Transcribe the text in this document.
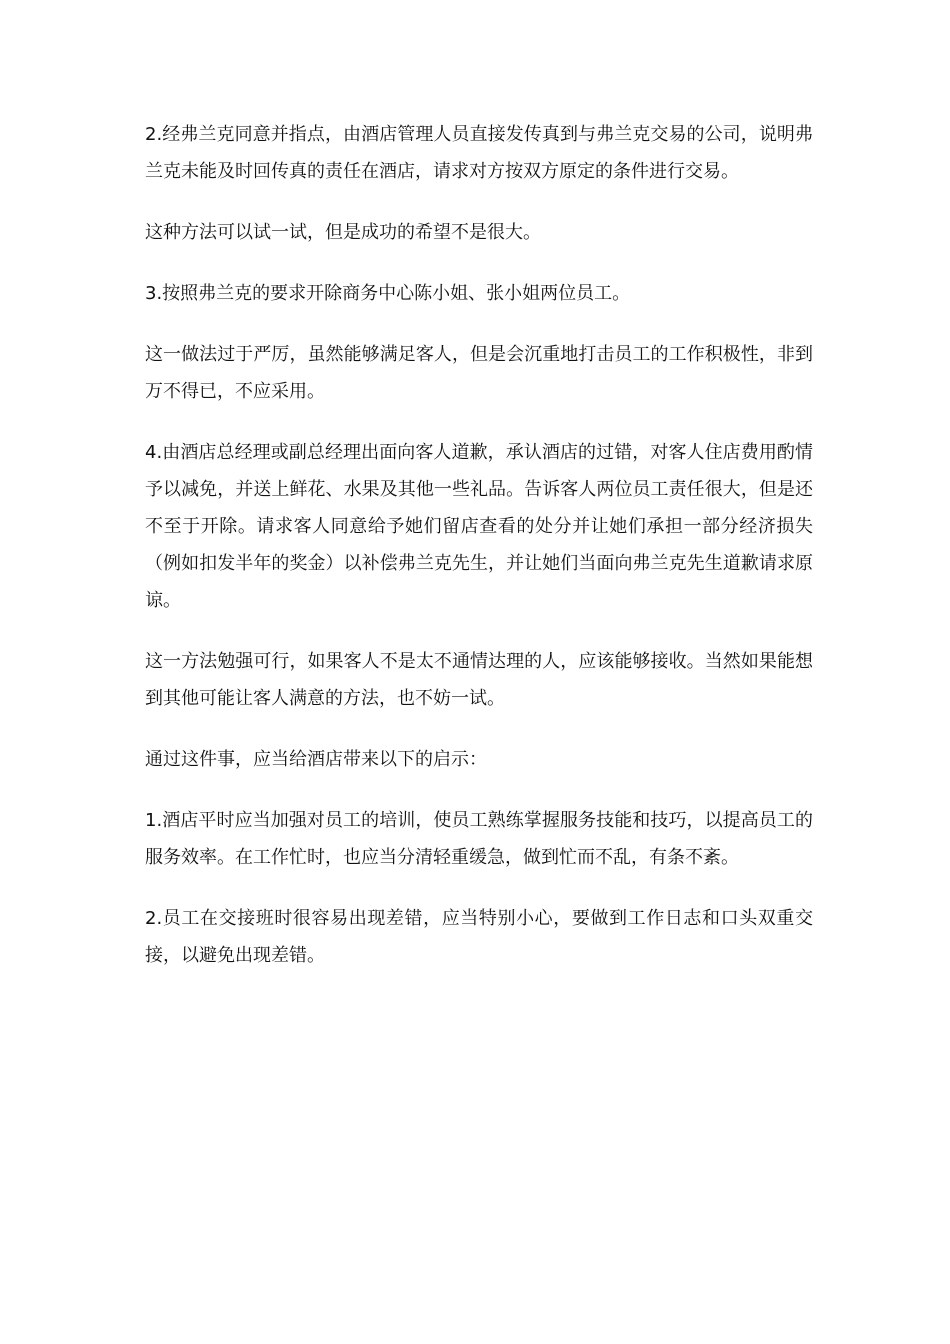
2.经弗兰克同意并指点，由酒店管理人员直接发传真到与弗兰克交易的公司，说明弗兰克未能及时回传真的责任在酒店，请求对方按双方原定的条件进行交易。

这种方法可以试一试，但是成功的希望不是很大。

3.按照弗兰克的要求开除商务中心陈小姐、张小姐两位员工。

这一做法过于严厉，虽然能够满足客人，但是会沉重地打击员工的工作积极性，非到万不得已，不应采用。

4.由酒店总经理或副总经理出面向客人道歉，承认酒店的过错，对客人住店费用酌情予以减免，并送上鲜花、水果及其他一些礼品。告诉客人两位员工责任很大，但是还不至于开除。请求客人同意给予她们留店查看的处分并让她们承担一部分经济损失（例如扣发半年的奖金）以补偿弗兰克先生，并让她们当面向弗兰克先生道歉请求原谅。

这一方法勉强可行，如果客人不是太不通情达理的人，应该能够接收。当然如果能想到其他可能让客人满意的方法，也不妨一试。

通过这件事，应当给酒店带来以下的启示：

1.酒店平时应当加强对员工的培训，使员工熟练掌握服务技能和技巧，以提高员工的服务效率。在工作忙时，也应当分清轻重缓急，做到忙而不乱，有条不紊。

2.员工在交接班时很容易出现差错，应当特别小心，要做到工作日志和口头双重交接，以避免出现差错。
